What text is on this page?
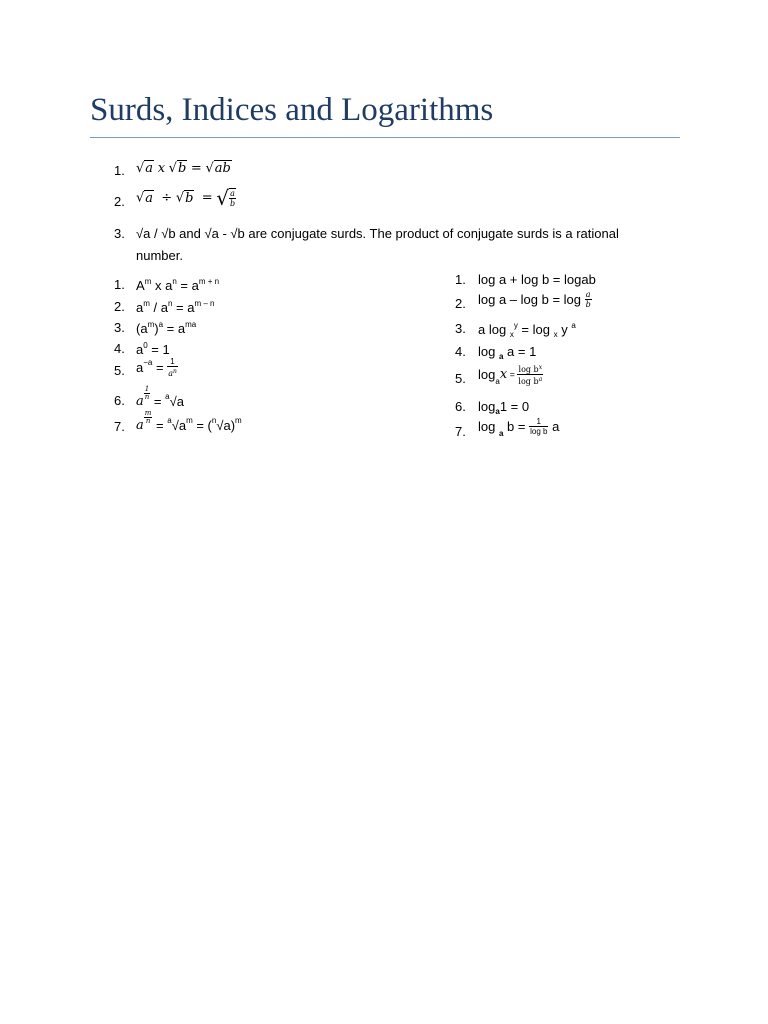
Surds, Indices and Logarithms
1. √a x √b = √ab
2. √a ÷ √b = √ $\frac{a}{b}$
3. √a / √b and √a - √b are conjugate surds. The product of conjugate surds is a rational number.
1. $A^m$ x $a^n = a^{m + n}$
2. $a^m / a^n = a^{m - n}$
3. $(a^m)^a = a^{ma}$
4. $a^0 = 1$
5. $a^{-a} = \frac{1}{a^n}$
6. a
$\frac{1}{n}$
= $^a$√a
7. a
$\frac{m}{n}$
= $^a√a^m = (^n√a)^m$
1. log a + log b = logab
2. $\log a - \log b = \log \frac{a}{b}$
3. a log $_x^y$ = log $_x$ y $^a$
4. log $_a$ a = 1
5. $\log_ax = \frac{\log b^x}{\log b^a}$
6. $\log_a1 = 0$
7. log $_a$ $b = \frac{1}{\text{log b}}$ a
